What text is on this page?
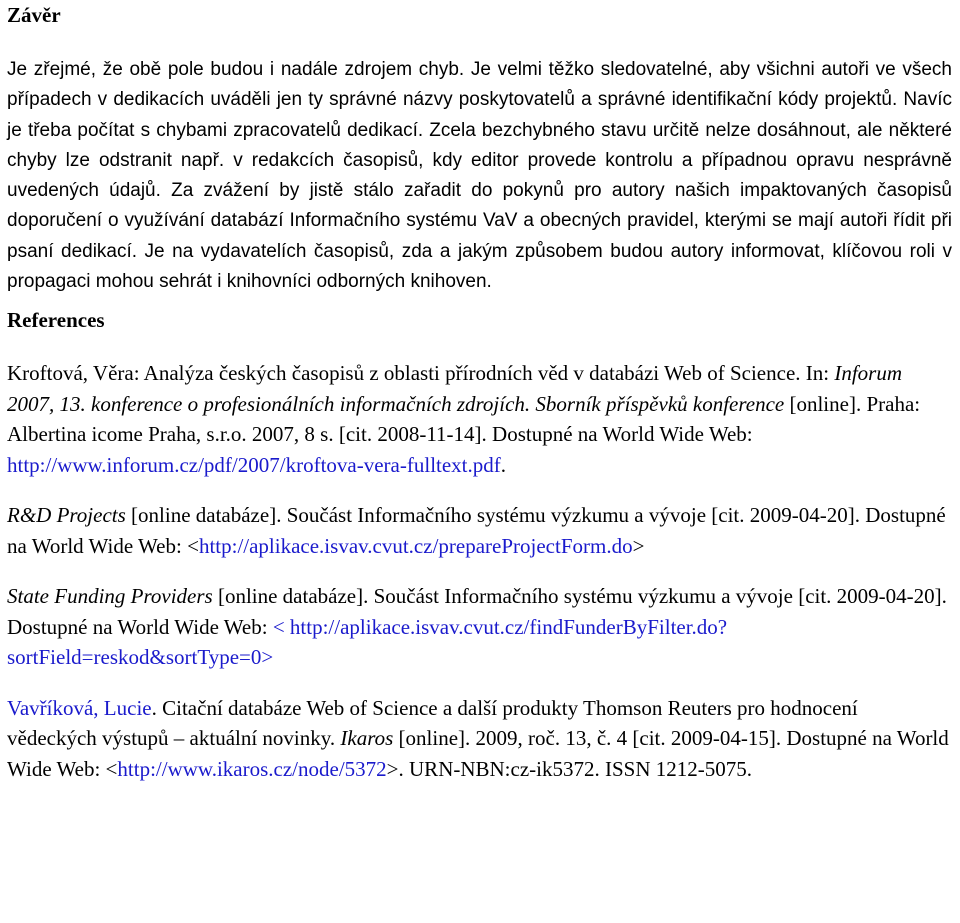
Závěr

Je zřejmé, že obě pole budou i nadále zdrojem chyb. Je velmi těžko sledovatelné, aby všichni autoři ve všech případech v dedikacích uváděli jen ty správné názvy poskytovatelů a správné identifikační kódy projektů. Navíc je třeba počítat s chybami zpracovatelů dedikací. Zcela bezchybného stavu určitě nelze dosáhnout, ale některé chyby lze odstranit např. v redakcích časopisů, kdy editor provede kontrolu a případnou opravu nesprávně uvedených údajů. Za zvážení by jistě stálo zařadit do pokynů pro autory našich impaktovaných časopisů doporučení o využívání databází Informačního systému VaV a obecných pravidel, kterými se mají autoři řídit při psaní dedikací. Je na vydavatelích časopisů, zda a jakým způsobem budou autory informovat, klíčovou roli v propagaci mohou sehrát i knihovníci odborných knihoven.

References

Kroftová, Věra: Analýza českých časopisů z oblasti přírodních věd v databázi Web of Science. In: Inforum 2007, 13. konference o profesionálních informačních zdrojích. Sborník příspěvků konference [online]. Praha: Albertina icome Praha, s.r.o. 2007, 8 s. [cit. 2008-11-14]. Dostupné na World Wide Web: http://www.inforum.cz/pdf/2007/kroftova-vera-fulltext.pdf.

R&D Projects [online databáze]. Součást Informačního systému výzkumu a vývoje [cit. 2009-04-20]. Dostupné na World Wide Web: <http://aplikace.isvav.cvut.cz/prepareProjectForm.do>

State Funding Providers [online databáze]. Součást Informačního systému výzkumu a vývoje [cit. 2009-04-20]. Dostupné na World Wide Web: < http://aplikace.isvav.cvut.cz/findFunderByFilter.do?sortField=reskod&sortType=0>

Vavříková, Lucie. Citační databáze Web of Science a další produkty Thomson Reuters pro hodnocení vědeckých výstupů – aktuální novinky. Ikaros [online]. 2009, roč. 13, č. 4 [cit. 2009-04-15]. Dostupné na World Wide Web: <http://www.ikaros.cz/node/5372>. URN-NBN:cz-ik5372. ISSN 1212-5075.
